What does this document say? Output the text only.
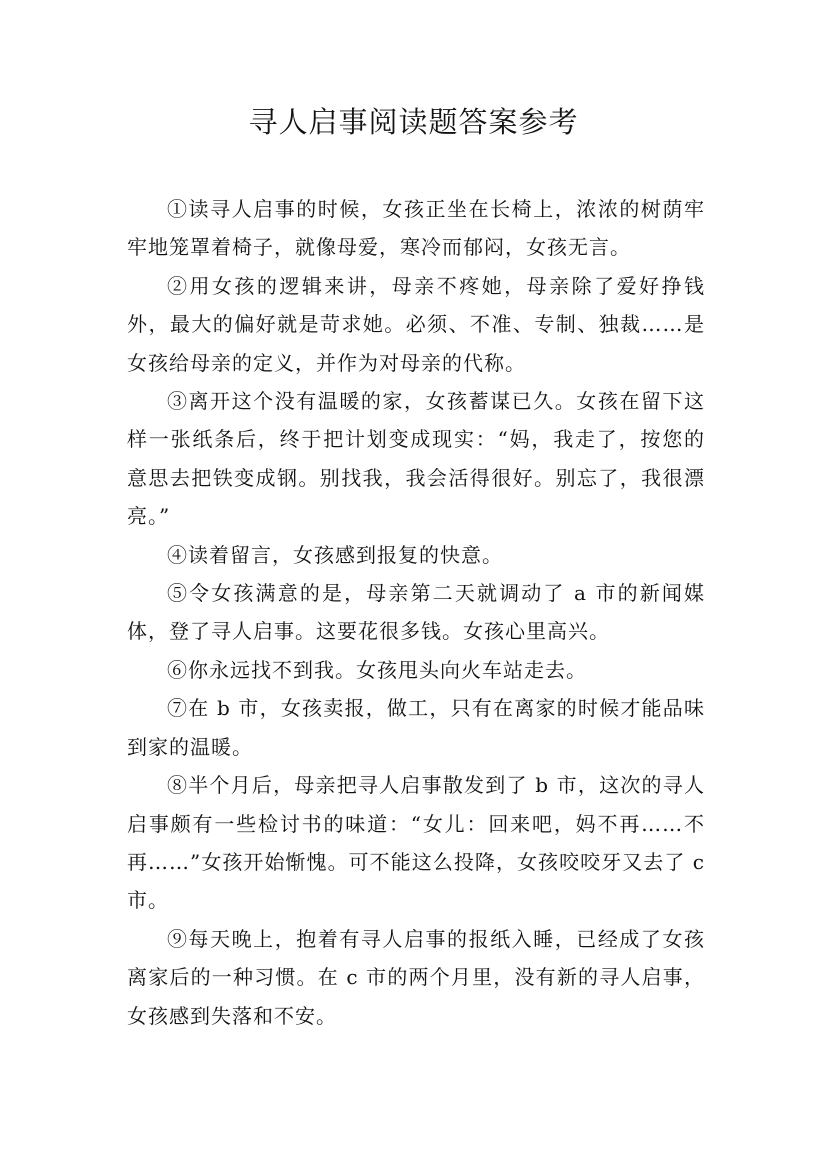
寻人启事阅读题答案参考

①读寻人启事的时候，女孩正坐在长椅上，浓浓的树荫牢牢地笼罩着椅子，就像母爱，寒冷而郁闷，女孩无言。

②用女孩的逻辑来讲，母亲不疼她，母亲除了爱好挣钱外，最大的偏好就是苛求她。必须、不准、专制、独裁……是女孩给母亲的定义，并作为对母亲的代称。

③离开这个没有温暖的家，女孩蓄谋已久。女孩在留下这样一张纸条后，终于把计划变成现实：“妈，我走了，按您的意思去把铁变成钢。别找我，我会活得很好。别忘了，我很漂亮。”

④读着留言，女孩感到报复的快意。

⑤令女孩满意的是，母亲第二天就调动了 a 市的新闻媒体，登了寻人启事。这要花很多钱。女孩心里高兴。

⑥你永远找不到我。女孩甩头向火车站走去。

⑦在 b 市，女孩卖报，做工，只有在离家的时候才能品味到家的温暖。

⑧半个月后，母亲把寻人启事散发到了 b 市，这次的寻人启事颇有一些检讨书的味道：“女儿：回来吧，妈不再……不再……”女孩开始惭愧。可不能这么投降，女孩咬咬牙又去了 c 市。

⑨每天晚上，抱着有寻人启事的报纸入睡，已经成了女孩离家后的一种习惯。在 c 市的两个月里，没有新的寻人启事，女孩感到失落和不安。
